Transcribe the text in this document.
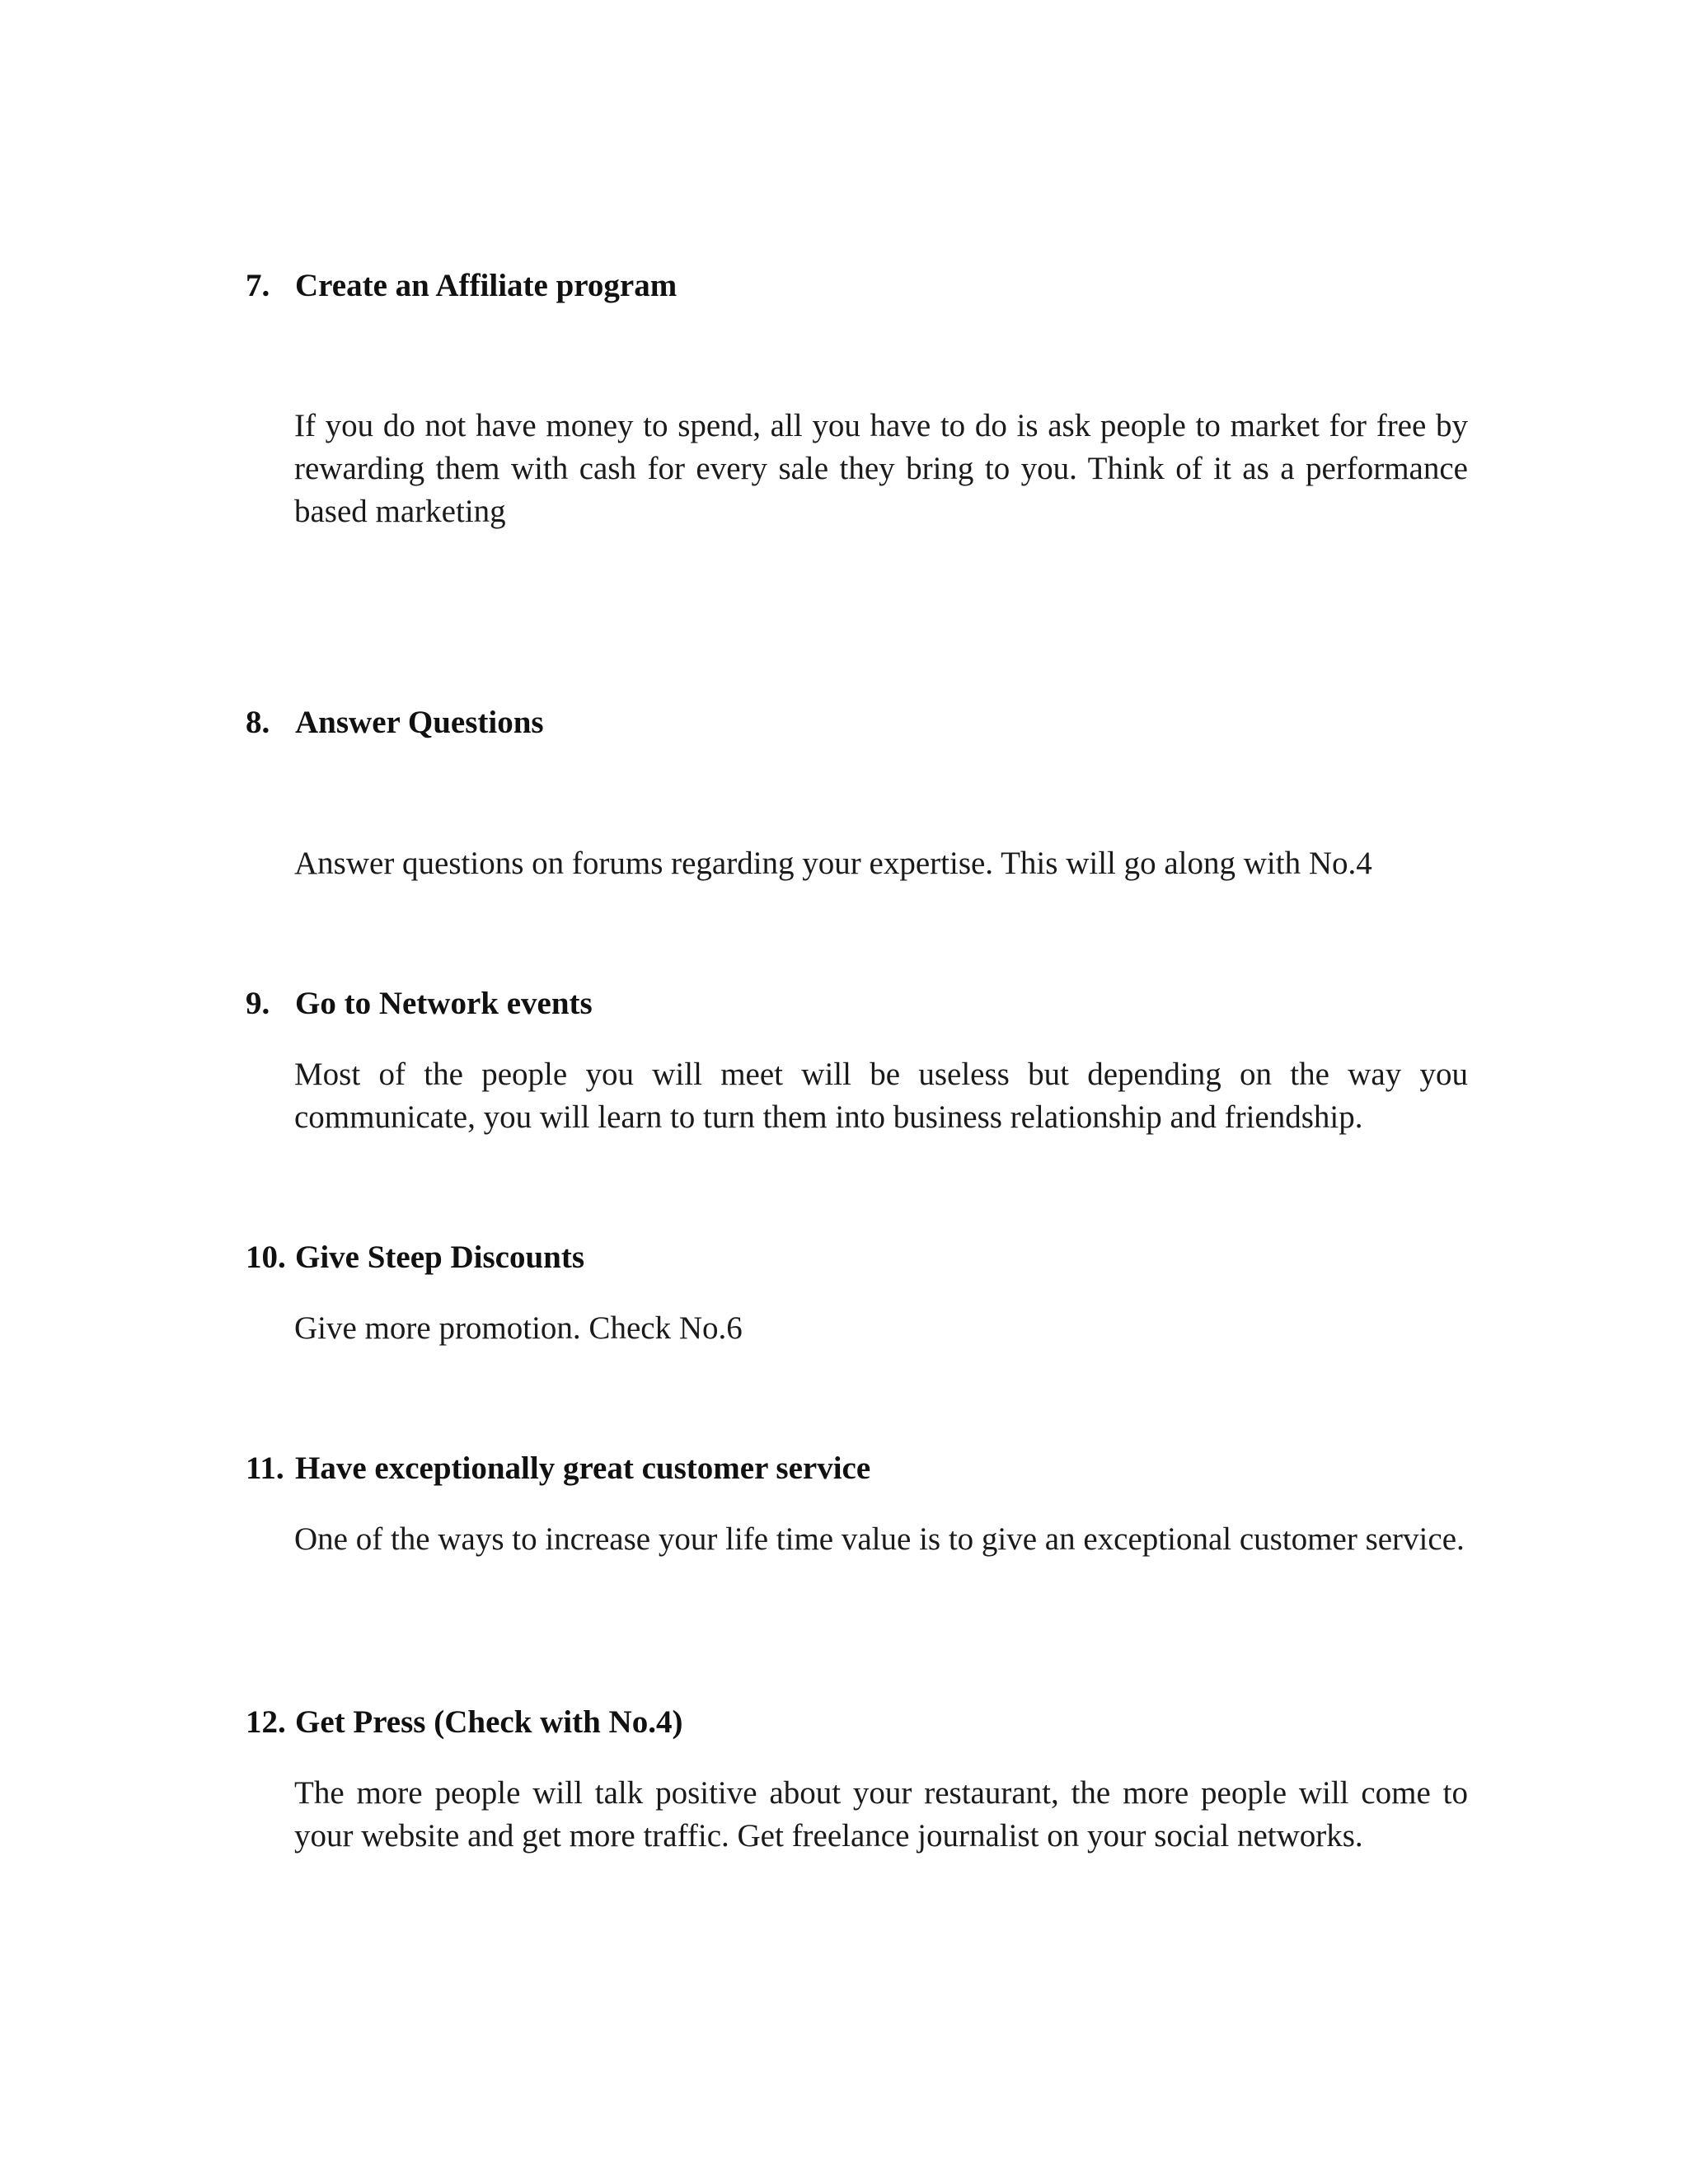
7. Create an Affiliate program

If you do not have money to spend, all you have to do is ask people to market for free by rewarding them with cash for every sale they bring to you. Think of it as a performance based marketing

8. Answer Questions

Answer questions on forums regarding your expertise. This will go along with No.4

9. Go to Network events

Most of the people you will meet will be useless but depending on the way you communicate, you will learn to turn them into business relationship and friendship.

10. Give Steep Discounts

Give more promotion. Check No.6

11. Have exceptionally great customer service

One of the ways to increase your life time value is to give an exceptional customer service.

12. Get Press (Check with No.4)

The more people will talk positive about your restaurant, the more people will come to your website and get more traffic. Get freelance journalist on your social networks.
